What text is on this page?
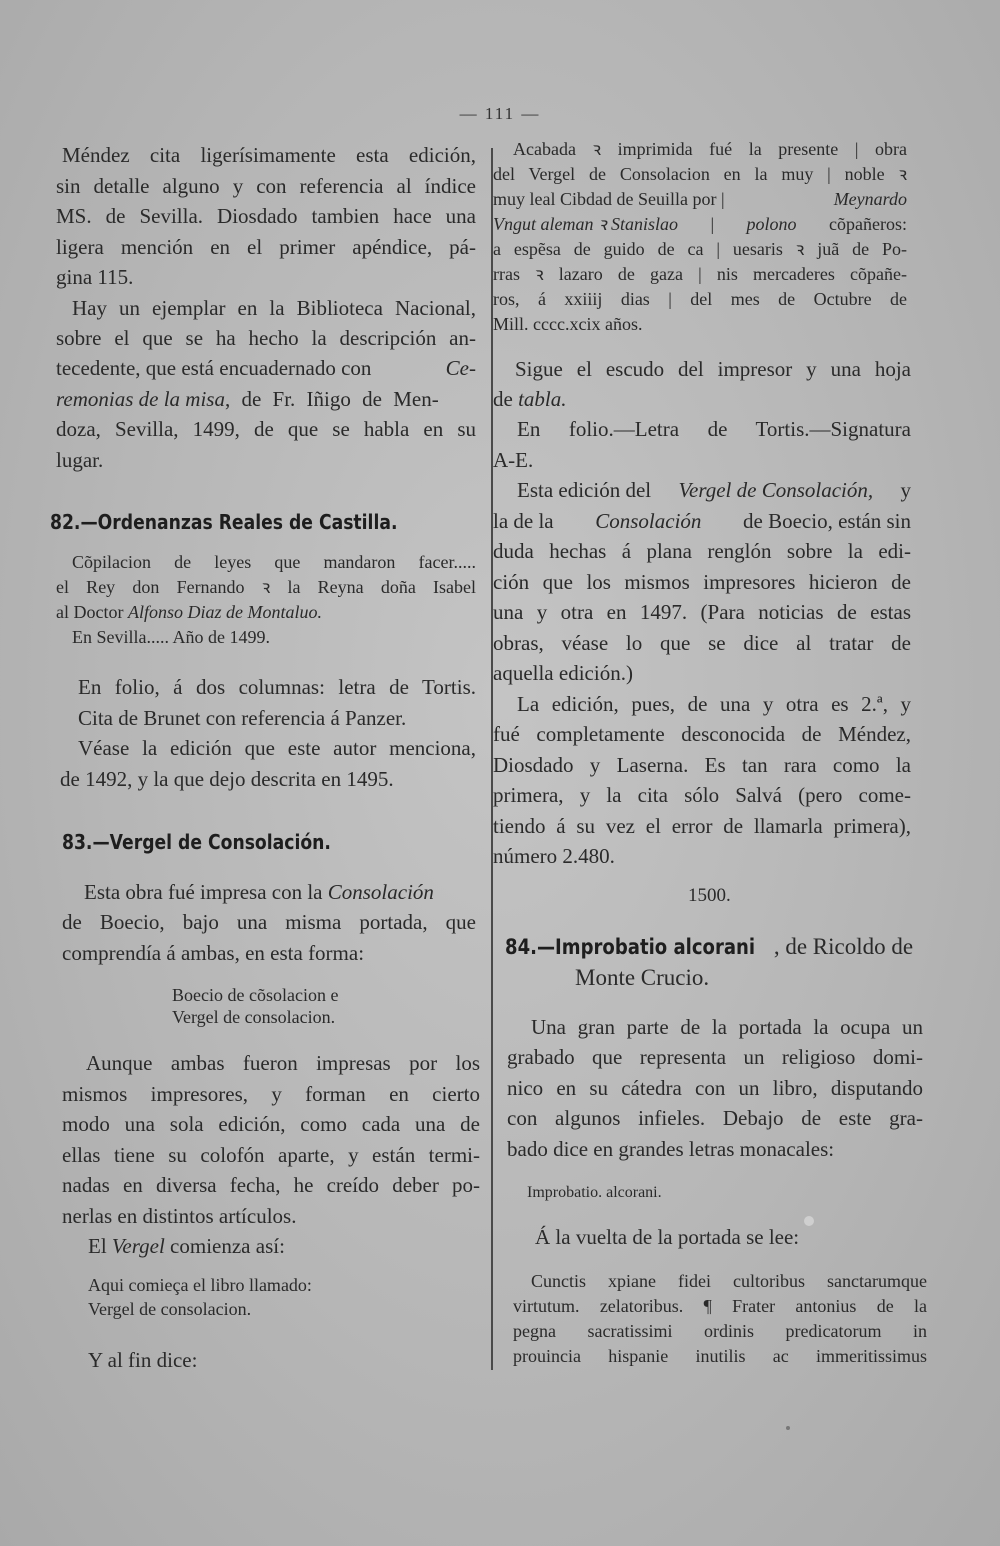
— 111 —
Méndez cita ligerísimamente esta edición,
sin detalle alguno y con referencia al índice
MS. de Sevilla. Diosdado tambien hace una
ligera mención en el primer apéndice, pá-
gina 115.
Hay un ejemplar en la Biblioteca Nacional,
sobre el que se ha hecho la descripción an-
tecedente, que está encuadernado con	Ce-
remonias de la misa, de Fr. Iñigo de Men-
doza, Sevilla, 1499, de que se habla en su
lugar.
82.—Ordenanzas Reales de Castilla.
Cõpilacion de leyes que mandaron facer.....
el Rey don Fernando ꝛ la Reyna doña Isabel
al Doctor Alfonso Diaz de Montaluo.
En Sevilla..... Año de 1499.
En folio, á dos columnas: letra de Tortis.
Cita de Brunet con referencia á Panzer.
Véase la edición que este autor menciona,
de 1492, y la que dejo descrita en 1495.
83.—Vergel de Consolación.
Esta obra fué impresa con la Consolación
de Boecio, bajo una misma portada, que
comprendía á ambas, en esta forma:
Boecio de cõsolacion e
Vergel de consolacion.
Aunque ambas fueron impresas por los
mismos impresores, y forman en cierto
modo una sola edición, como cada una de
ellas tiene su colofón aparte, y están termi-
nadas en diversa fecha, he creído deber po-
nerlas en distintos artículos.
El Vergel comienza así:
Aqui comieça el libro llamado:
Vergel de consolacion.
Y al fin dice:
Acabada ꝛ imprimida fué la presente | obra
del Vergel de Consolacion en la muy | noble ꝛ
muy leal Cibdad de Seuilla por |	Meynardo
Vngut aleman ꝛ Stanislao | polono cõpañeros:
a espẽsa de guido de ca | uesaris ꝛ juã de Po-
rras ꝛ lazaro de gaza | nis mercaderes cõpañe-
ros, á xxiiij dias | del mes de Octubre de
Mill. cccc.xcix años.
Sigue el escudo del impresor y una hoja
de tabla.
En folio.—Letra de Tortis.—Signatura
A-E.
Esta edición del Vergel de Consolación, y
la de la Consolación de Boecio, están sin
duda hechas á plana renglón sobre la edi-
ción que los mismos impresores hicieron de
una y otra en 1497. (Para noticias de estas
obras, véase lo que se dice al tratar de
aquella edición.)
La edición, pues, de una y otra es 2.ª, y
fué completamente desconocida de Méndez,
Diosdado y Laserna. Es tan rara como la
primera, y la cita sólo Salvá (pero come-
tiendo á su vez el error de llamarla primera),
número 2.480.
1500.
84.—Improbatio alcorani , de Ricoldo de
Monte Crucio.
Una gran parte de la portada la ocupa un
grabado que representa un religioso domi-
nico en su cátedra con un libro, disputando
con algunos infieles. Debajo de este gra-
bado dice en grandes letras monacales:
Improbatio. alcorani.
Á la vuelta de la portada se lee:
Cunctis xpiane fidei cultoribus sanctarumque
virtutum. zelatoribus. ¶ Frater antonius de la
pegna sacratissimi ordinis predicatorum in
prouincia hispanie inutilis ac immeritissimus
